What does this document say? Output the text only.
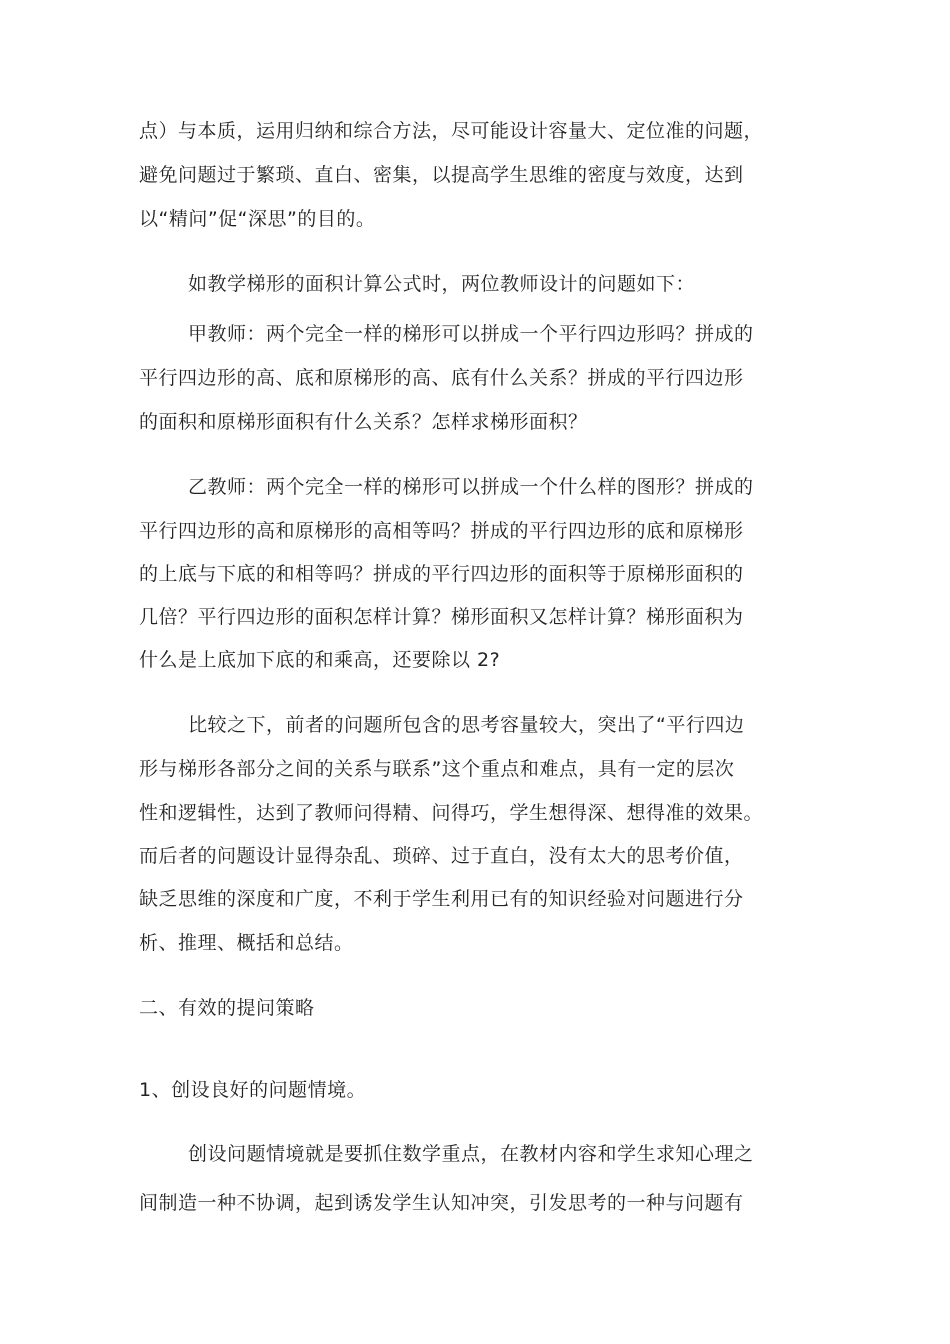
点）与本质，运用归纳和综合方法，尽可能设计容量大、定位准的问题，
避免问题过于繁琐、直白、密集，以提高学生思维的密度与效度，达到
以“精问”促“深思”的目的。
如教学梯形的面积计算公式时，两位教师设计的问题如下：
甲教师：两个完全一样的梯形可以拼成一个平行四边形吗？拼成的
平行四边形的高、底和原梯形的高、底有什么关系？拼成的平行四边形
的面积和原梯形面积有什么关系？怎样求梯形面积？
乙教师：两个完全一样的梯形可以拼成一个什么样的图形？拼成的
平行四边形的高和原梯形的高相等吗？拼成的平行四边形的底和原梯形
的上底与下底的和相等吗？拼成的平行四边形的面积等于原梯形面积的
几倍？平行四边形的面积怎样计算？梯形面积又怎样计算？梯形面积为
什么是上底加下底的和乘高，还要除以 2?
比较之下，前者的问题所包含的思考容量较大，突出了“平行四边
形与梯形各部分之间的关系与联系”这个重点和难点，具有一定的层次
性和逻辑性，达到了教师问得精、问得巧，学生想得深、想得准的效果。
而后者的问题设计显得杂乱、琐碎、过于直白，没有太大的思考价值，
缺乏思维的深度和广度，不利于学生利用已有的知识经验对问题进行分
析、推理、概括和总结。
二、有效的提问策略
1、创设良好的问题情境。
创设问题情境就是要抓住数学重点，在教材内容和学生求知心理之
间制造一种不协调，起到诱发学生认知冲突，引发思考的一种与问题有
